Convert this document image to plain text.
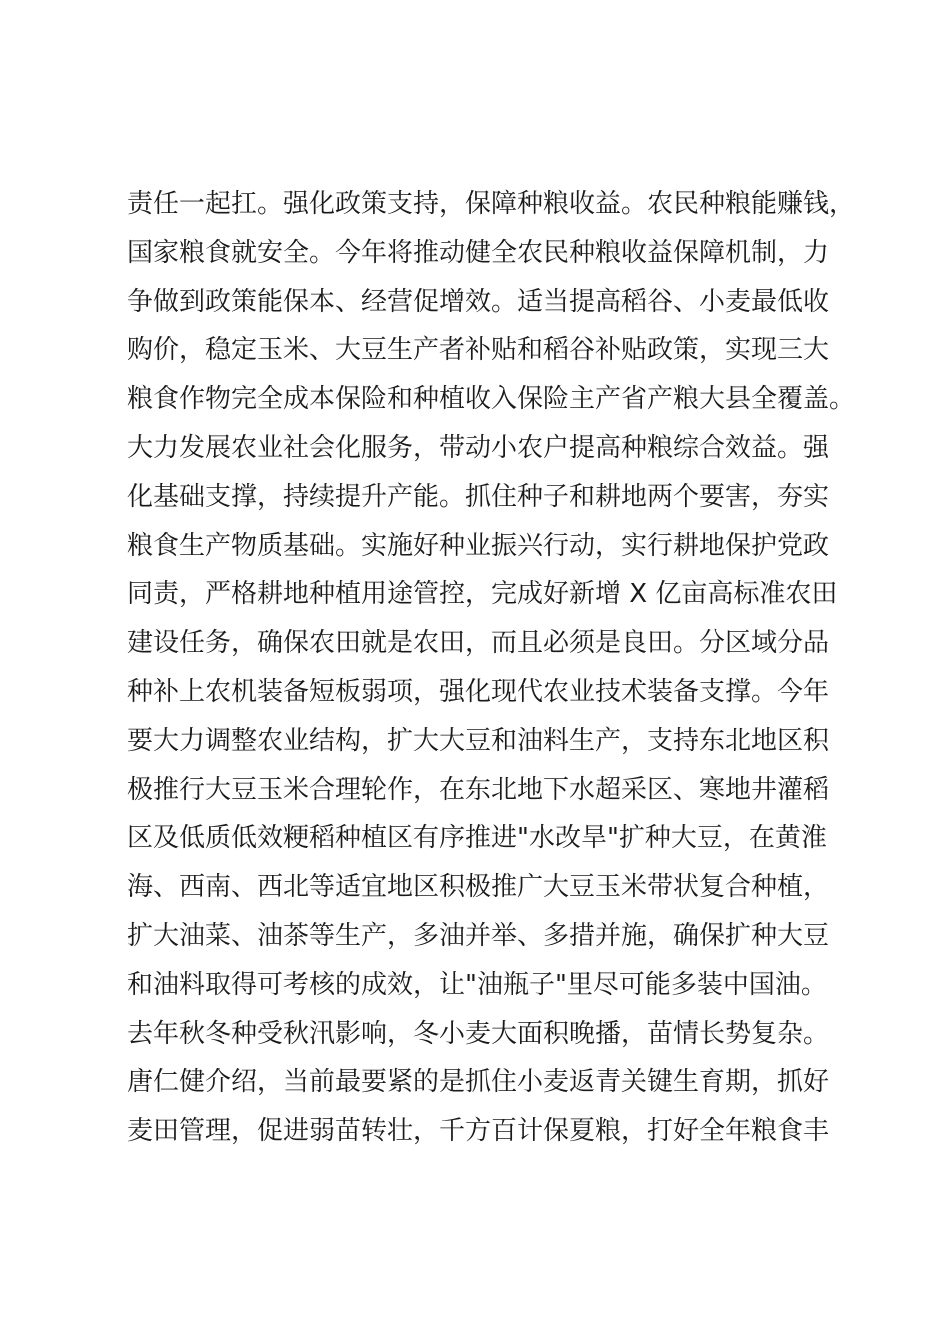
责任一起扛。强化政策支持，保障种粮收益。农民种粮能赚钱，
国家粮食就安全。今年将推动健全农民种粮收益保障机制，力
争做到政策能保本、经营促增效。适当提高稻谷、小麦最低收
购价，稳定玉米、大豆生产者补贴和稻谷补贴政策，实现三大
粮食作物完全成本保险和种植收入保险主产省产粮大县全覆盖。
大力发展农业社会化服务，带动小农户提高种粮综合效益。强
化基础支撑，持续提升产能。抓住种子和耕地两个要害，夯实
粮食生产物质基础。实施好种业振兴行动，实行耕地保护党政
同责，严格耕地种植用途管控，完成好新增 X 亿亩高标准农田
建设任务，确保农田就是农田，而且必须是良田。分区域分品
种补上农机装备短板弱项，强化现代农业技术装备支撑。今年
要大力调整农业结构，扩大大豆和油料生产，支持东北地区积
极推行大豆玉米合理轮作，在东北地下水超采区、寒地井灌稻
区及低质低效粳稻种植区有序推进"水改旱"扩种大豆，在黄淮
海、西南、西北等适宜地区积极推广大豆玉米带状复合种植，
扩大油菜、油茶等生产，多油并举、多措并施，确保扩种大豆
和油料取得可考核的成效，让"油瓶子"里尽可能多装中国油。
去年秋冬种受秋汛影响，冬小麦大面积晚播，苗情长势复杂。
唐仁健介绍，当前最要紧的是抓住小麦返青关键生育期，抓好
麦田管理，促进弱苗转壮，千方百计保夏粮，打好全年粮食丰
